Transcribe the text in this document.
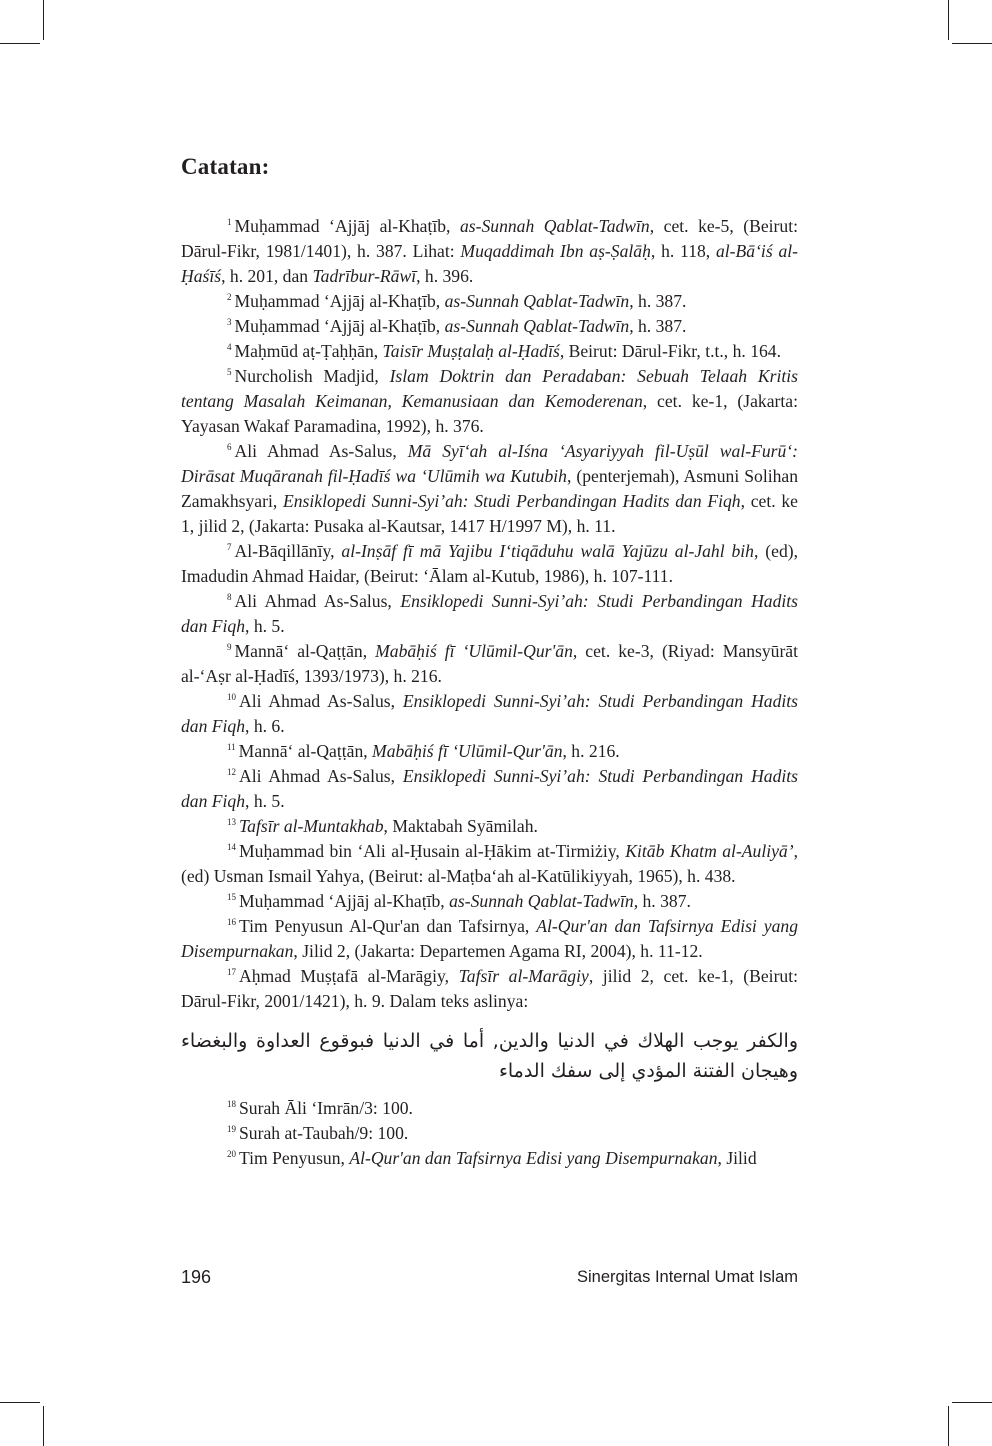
Catatan:

$^1$ Muḥammad ‘Ajjāj al-Khaṭīb, as-Sunnah Qablat-Tadwīn, cet. ke-5, (Beirut: Dārul-Fikr, 1981/1401), h. 387. Lihat: Muqaddimah Ibn aṣ-Ṣalāḥ, h. 118, al-Bā‘iś al-Ḥaśīś, h. 201, dan Tadrībur-Rāwī, h. 396.

$^2$ Muḥammad ‘Ajjāj al-Khaṭīb, as-Sunnah Qablat-Tadwīn, h. 387.

$^3$ Muḥammad ‘Ajjāj al-Khaṭīb, as-Sunnah Qablat-Tadwīn, h. 387.

$^4$ Maḥmūd aṭ-Ṭaḥḥān, Taisīr Muṣṭalaḥ al-Ḥadīś, Beirut: Dārul-Fikr, t.t., h. 164.

$^5$ Nurcholish Madjid, Islam Doktrin dan Peradaban: Sebuah Telaah Kritis tentang Masalah Keimanan, Kemanusiaan dan Kemoderenan, cet. ke-1, (Jakarta: Yayasan Wakaf Paramadina, 1992), h. 376.

$^6$ Ali Ahmad As-Salus, Mā Syī‘ah al-Iśna ‘Asyariyyah fil-Uṣūl wal-Furū‘: Dirāsat Muqāranah fil-Ḥadīś wa ‘Ulūmih wa Kutubih, (penterjemah), Asmuni Solihan Zamakhsyari, Ensiklopedi Sunni-Syi’ah: Studi Perbandingan Hadits dan Fiqh, cet. ke 1, jilid 2, (Jakarta: Pusaka al-Kautsar, 1417 H/1997 M), h. 11.

$^7$ Al-Bāqillānīy, al-Inṣāf fī mā Yajibu I‘tiqāduhu walā Yajūzu al-Jahl bih, (ed), Imadudin Ahmad Haidar, (Beirut: ‘Ālam al-Kutub, 1986), h. 107-111.

$^8$ Ali Ahmad As-Salus, Ensiklopedi Sunni-Syi’ah: Studi Perbandingan Hadits dan Fiqh, h. 5.

$^9$ Mannā‘ al-Qaṭṭān, Mabāḥiś fī ‘Ulūmil-Qur'ān, cet. ke-3, (Riyad: Mansyūrāt al-‘Aṣr al-Ḥadīś, 1393/1973), h. 216.

$^{10}$ Ali Ahmad As-Salus, Ensiklopedi Sunni-Syi’ah: Studi Perbandingan Hadits dan Fiqh, h. 6.

$^{11}$ Mannā‘ al-Qaṭṭān, Mabāḥiś fī ‘Ulūmil-Qur'ān, h. 216.

$^{12}$ Ali Ahmad As-Salus, Ensiklopedi Sunni-Syi’ah: Studi Perbandingan Hadits dan Fiqh, h. 5.

$^{13}$ Tafsīr al-Muntakhab, Maktabah Syāmilah.

$^{14}$ Muḥammad bin ‘Ali al-Ḥusain al-Ḥākim at-Tirmiżiy, Kitāb Khatm al-Auliyā’, (ed) Usman Ismail Yahya, (Beirut: al-Maṭba‘ah al-Katūlikiyyah, 1965), h. 438.

$^{15}$ Muḥammad ‘Ajjāj al-Khaṭīb, as-Sunnah Qablat-Tadwīn, h. 387.

$^{16}$ Tim Penyusun Al-Qur'an dan Tafsirnya, Al-Qur'an dan Tafsirnya Edisi yang Disempurnakan, Jilid 2, (Jakarta: Departemen Agama RI, 2004), h. 11-12.

$^{17}$ Aḥmad Muṣṭafā al-Marāgiy, Tafsīr al-Marāgiy, jilid 2, cet. ke-1, (Beirut: Dārul-Fikr, 2001/1421), h. 9. Dalam teks aslinya:

والكفر يوجب الهلاك في الدنيا والدين, أما في الدنيا فبوقوع العداوة والبغضاء وهيجان الفتنة المؤدي إلى سفك الدماء

$^{18}$ Surah Āli ‘Imrān/3: 100.

$^{19}$ Surah at-Taubah/9: 100.

$^{20}$ Tim Penyusun, Al-Qur'an dan Tafsirnya Edisi yang Disempurnakan, Jilid

196	Sinergitas Internal Umat Islam
